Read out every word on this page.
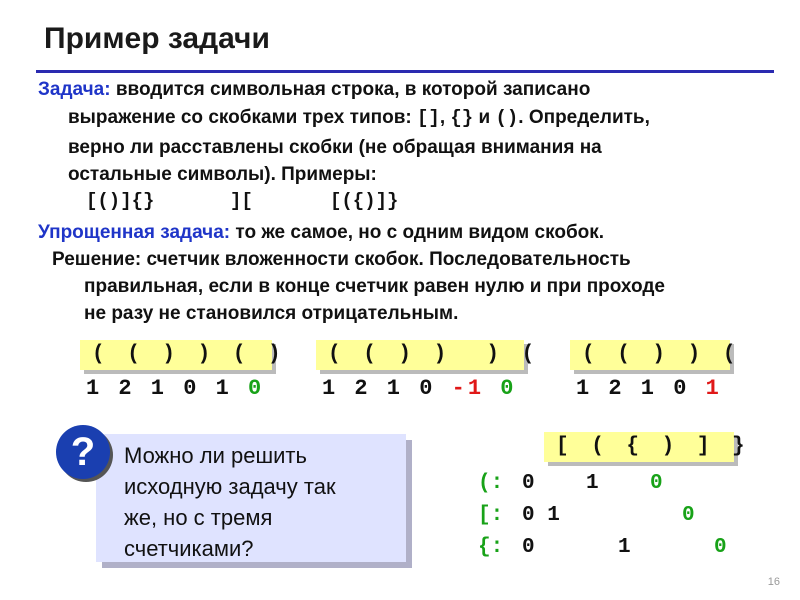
Пример задачи
Задача: вводится символьная строка, в которой записано
выражение со скобками трех типов: [], {} и (). Определить,
верно ли расставлены скобки (не обращая внимания на
остальные символы). Примеры:
[()]{}	][	[({)]}
Упрощенная задача: то же самое, но с одним видом скобок.
Решение: счетчик вложенности скобок. Последовательность
правильная, если в конце счетчик равен нулю и при проходе
не разу не становился отрицательным.
( ( ) ) ( )
1 2 1 0 1 0
( ( ) )  ) (
1 2 1 0 -1 0
( ( ) ) (
1 2 1 0 1
?	Можно ли решить
исходную задачу так
же, но с тремя
счетчиками?
[ ( { ) ] }
(: 0 1 0
[: 0 1	0
{: 0	1	0
16
